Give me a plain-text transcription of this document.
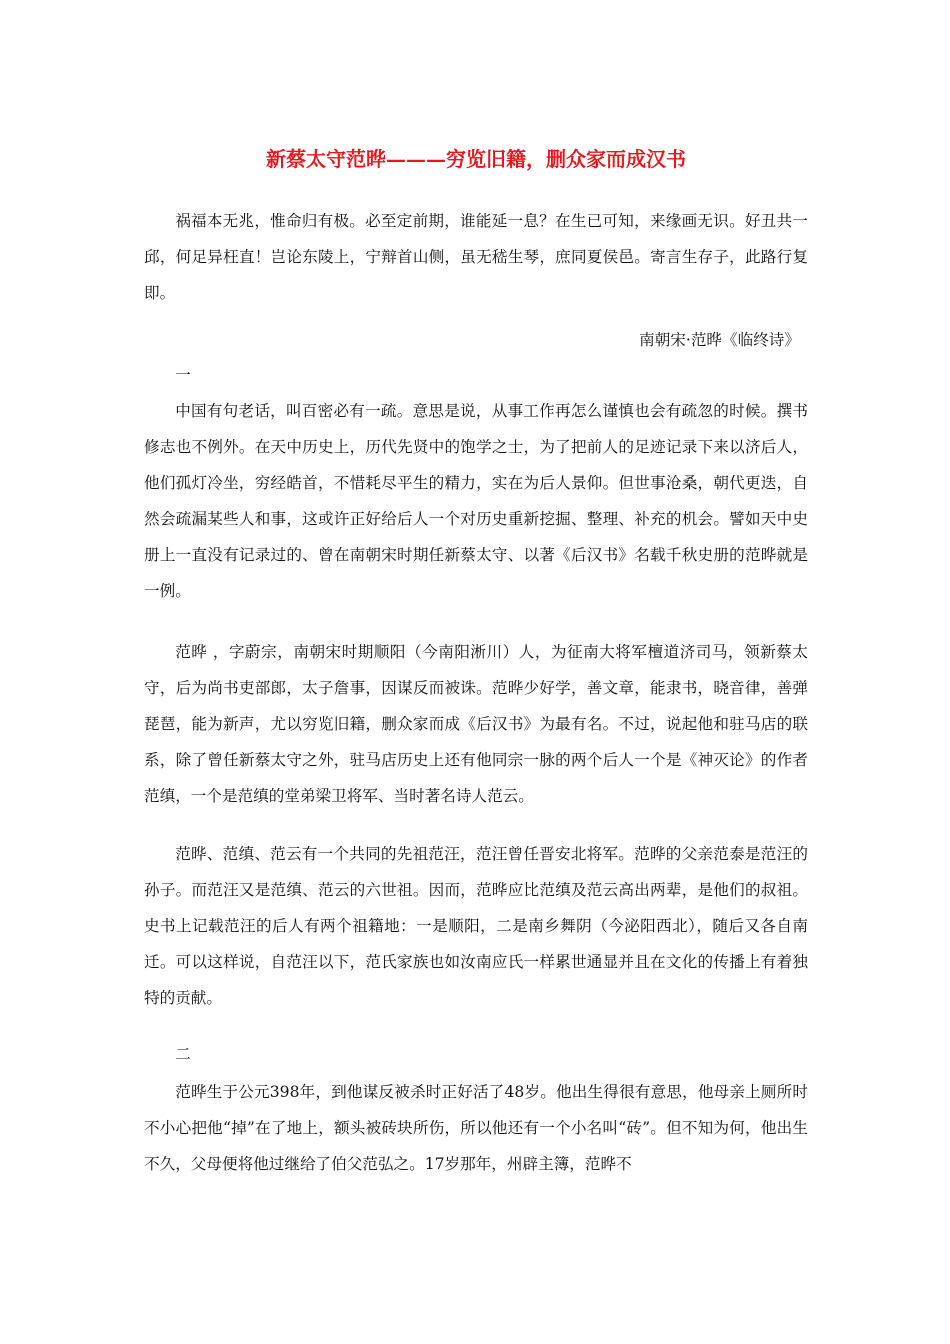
新蔡太守范晔———穷览旧籍，删众家而成汉书
祸福本无兆，惟命归有极。必至定前期，谁能延一息？在生已可知，来缘画无识。好丑共一邱，何足异枉直！岂论东陵上，宁辩首山侧，虽无嵇生琴，庶同夏侯邑。寄言生存子，此路行复即。
南朝宋·范晔《临终诗》
一
中国有句老话，叫百密必有一疏。意思是说，从事工作再怎么谨慎也会有疏忽的时候。撰书修志也不例外。在天中历史上，历代先贤中的饱学之士，为了把前人的足迹记录下来以济后人，他们孤灯冷坐，穷经皓首，不惜耗尽平生的精力，实在为后人景仰。但世事沧桑，朝代更迭，自然会疏漏某些人和事，这或许正好给后人一个对历史重新挖掘、整理、补充的机会。譬如天中史册上一直没有记录过的、曾在南朝宋时期任新蔡太守、以著《后汉书》名载千秋史册的范晔就是一例。
范晔 ，字蔚宗，南朝宋时期顺阳（今南阳淅川）人，为征南大将军檀道济司马，领新蔡太守，后为尚书吏部郎，太子詹事，因谋反而被诛。范晔少好学，善文章，能隶书，晓音律，善弹琵琶，能为新声，尤以穷览旧籍，删众家而成《后汉书》为最有名。不过，说起他和驻马店的联系，除了曾任新蔡太守之外，驻马店历史上还有他同宗一脉的两个后人一个是《神灭论》的作者范缜，一个是范缜的堂弟梁卫将军、当时著名诗人范云。
范晔、范缜、范云有一个共同的先祖范汪，范汪曾任晋安北将军。范晔的父亲范泰是范汪的孙子。而范汪又是范缜、范云的六世祖。因而，范晔应比范缜及范云高出两辈，是他们的叔祖。史书上记载范汪的后人有两个祖籍地：一是顺阳，二是南乡舞阴（今泌阳西北），随后又各自南迁。可以这样说，自范汪以下，范氏家族也如汝南应氏一样累世通显并且在文化的传播上有着独特的贡献。
二
范晔生于公元398年，到他谋反被杀时正好活了48岁。他出生得很有意思，他母亲上厕所时不小心把他“掉”在了地上，额头被砖块所伤，所以他还有一个小名叫“砖”。但不知为何，他出生不久，父母便将他过继给了伯父范弘之。17岁那年，州辟主簿，范晔不
